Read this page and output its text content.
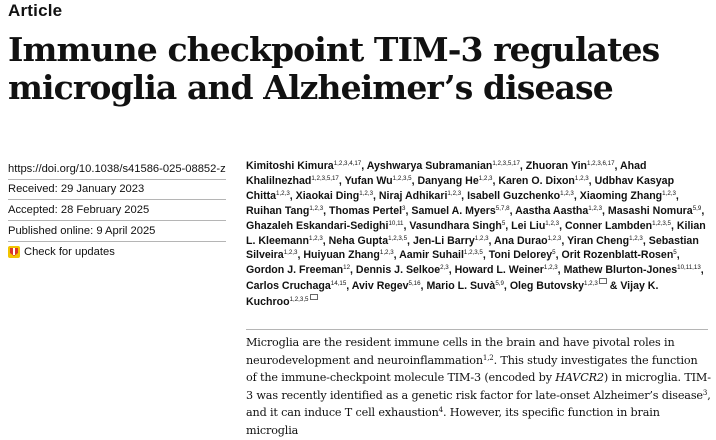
Article
Immune checkpoint TIM-3 regulates microglia and Alzheimer’s disease
https://doi.org/10.1038/s41586-025-08852-z
Received: 29 January 2023
Accepted: 28 February 2025
Published online: 9 April 2025
Check for updates
Kimitoshi Kimura$^{1,2,3,4,17}$, Ayshwarya Subramanian$^{1,2,3,5,17}$, Zhuoran Yin$^{1,2,3,6,17}$, Ahad Khalilnezhad$^{1,2,3,5,17}$, Yufan Wu$^{1,2,3,5}$, Danyang He$^{1,2,3}$, Karen O. Dixon$^{1,2,3}$, Udbhav Kasyap Chitta$^{1,2,3}$, Xiaokai Ding$^{1,2,3}$, Niraj Adhikari$^{1,2,3}$, Isabell Guzchenko$^{1,2,3}$, Xiaoming Zhang$^{1,2,3}$, Ruihan Tang$^{1,2,3}$, Thomas Pertel$^3$, Samuel A. Myers$^{5,7,8}$, Aastha Aastha$^{1,2,3}$, Masashi Nomura$^{5,9}$, Ghazaleh Eskandari-Sedighi$^{10,11}$, Vasundhara Singh$^5$, Lei Liu$^{1,2,3}$, Conner Lambden$^{1,2,3,5}$, Kilian L. Kleemann$^{1,2,3}$, Neha Gupta$^{1,2,3,5}$, Jen-Li Barry$^{1,2,3}$, Ana Durao$^{1,2,3}$, Yiran Cheng$^{1,2,3}$, Sebastian Silveira$^{1,2,3}$, Huiyuan Zhang$^{1,2,3}$, Aamir Suhail$^{1,2,3,5}$, Toni Delorey$^5$, Orit Rozenblatt-Rosen$^5$, Gordon J. Freeman$^{12}$, Dennis J. Selkoe$^{2,3}$, Howard L. Weiner$^{1,2,3}$, Mathew Blurton-Jones$^{10,11,13}$, Carlos Cruchaga$^{14,15}$, Aviv Regev$^{5,16}$, Mario L. Suvà$^{5,9}$, Oleg Butovsky$^{1,2,3}$ & Vijay K. Kuchroo$^{1,2,3,5}$
Microglia are the resident immune cells in the brain and have pivotal roles in neurodevelopment and neuroinflammation$^{1,2}$. This study investigates the function of the immune-checkpoint molecule TIM-3 (encoded by HAVCR2) in microglia. TIM-3 was recently identified as a genetic risk factor for late-onset Alzheimer’s disease$^3$, and it can induce T cell exhaustion$^4$. However, its specific function in brain microglia
